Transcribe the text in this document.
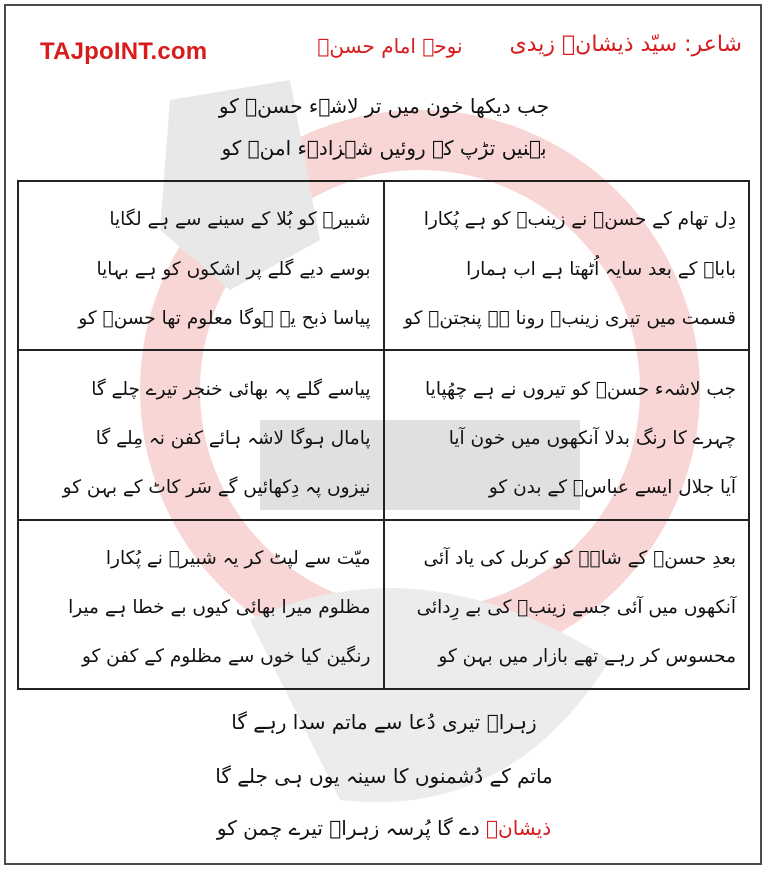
TAJpoINT.com	نوحہ امام حسنؑ	شاعر: سیّد ذیشانؔ زیدی
جب دیکھا خون میں تر لاشہء حسنؑ کو
بہنیں تڑپ کے روئیں شہزادہء امنؑ کو
دِل تھام کے حسنؑ نے زینبؑ کو ہے پُکارا
باباؑ کے بعد سایہ اُٹھتا ہے اب ہمارا
قسمت میں تیری زینبؑ رونا ہے پنجتنؑ کو
شبیرؑ کو بُلا کے سینے سے ہے لگایا
بوسے دیے گلے پر اشکوں کو ہے بہایا
پیاسا ذبح یہ ہوگا معلوم تھا حسنؑ کو
جب لاشہء حسنؑ کو تیروں نے ہے چھُپایا
چہرے کا رنگ بدلا آنکھوں میں خون آیا
آیا جلال ایسے عباسؑ کے بدن کو
پیاسے گلے پہ بھائی خنجر تیرے چلے گا
پامال ہوگا لاشہ ہائے کفن نہ مِلے گا
نیزوں پہ دِکھائیں گے سَر کاٹ کے بہن کو
بعدِ حسنؑ کے شاہؑ کو کربل کی یاد آئی
آنکھوں میں آئی جسے زینبؑ کی بے رِدائی
محسوس کر رہے تھے بازار میں بہن کو
میّت سے لپٹ کر یہ شبیرؑ نے پُکارا
مظلوم میرا بھائی کیوں بے خطا ہے میرا
رنگین کیا خوں سے مظلوم کے کفن کو
زہراؑ تیری دُعا سے ماتم سدا رہے گا
ماتم کے دُشمنوں کا سینہ یوں ہی جلے گا
ذیشانؔ دے گا پُرسہ زہراؑ تیرے چمن کو
